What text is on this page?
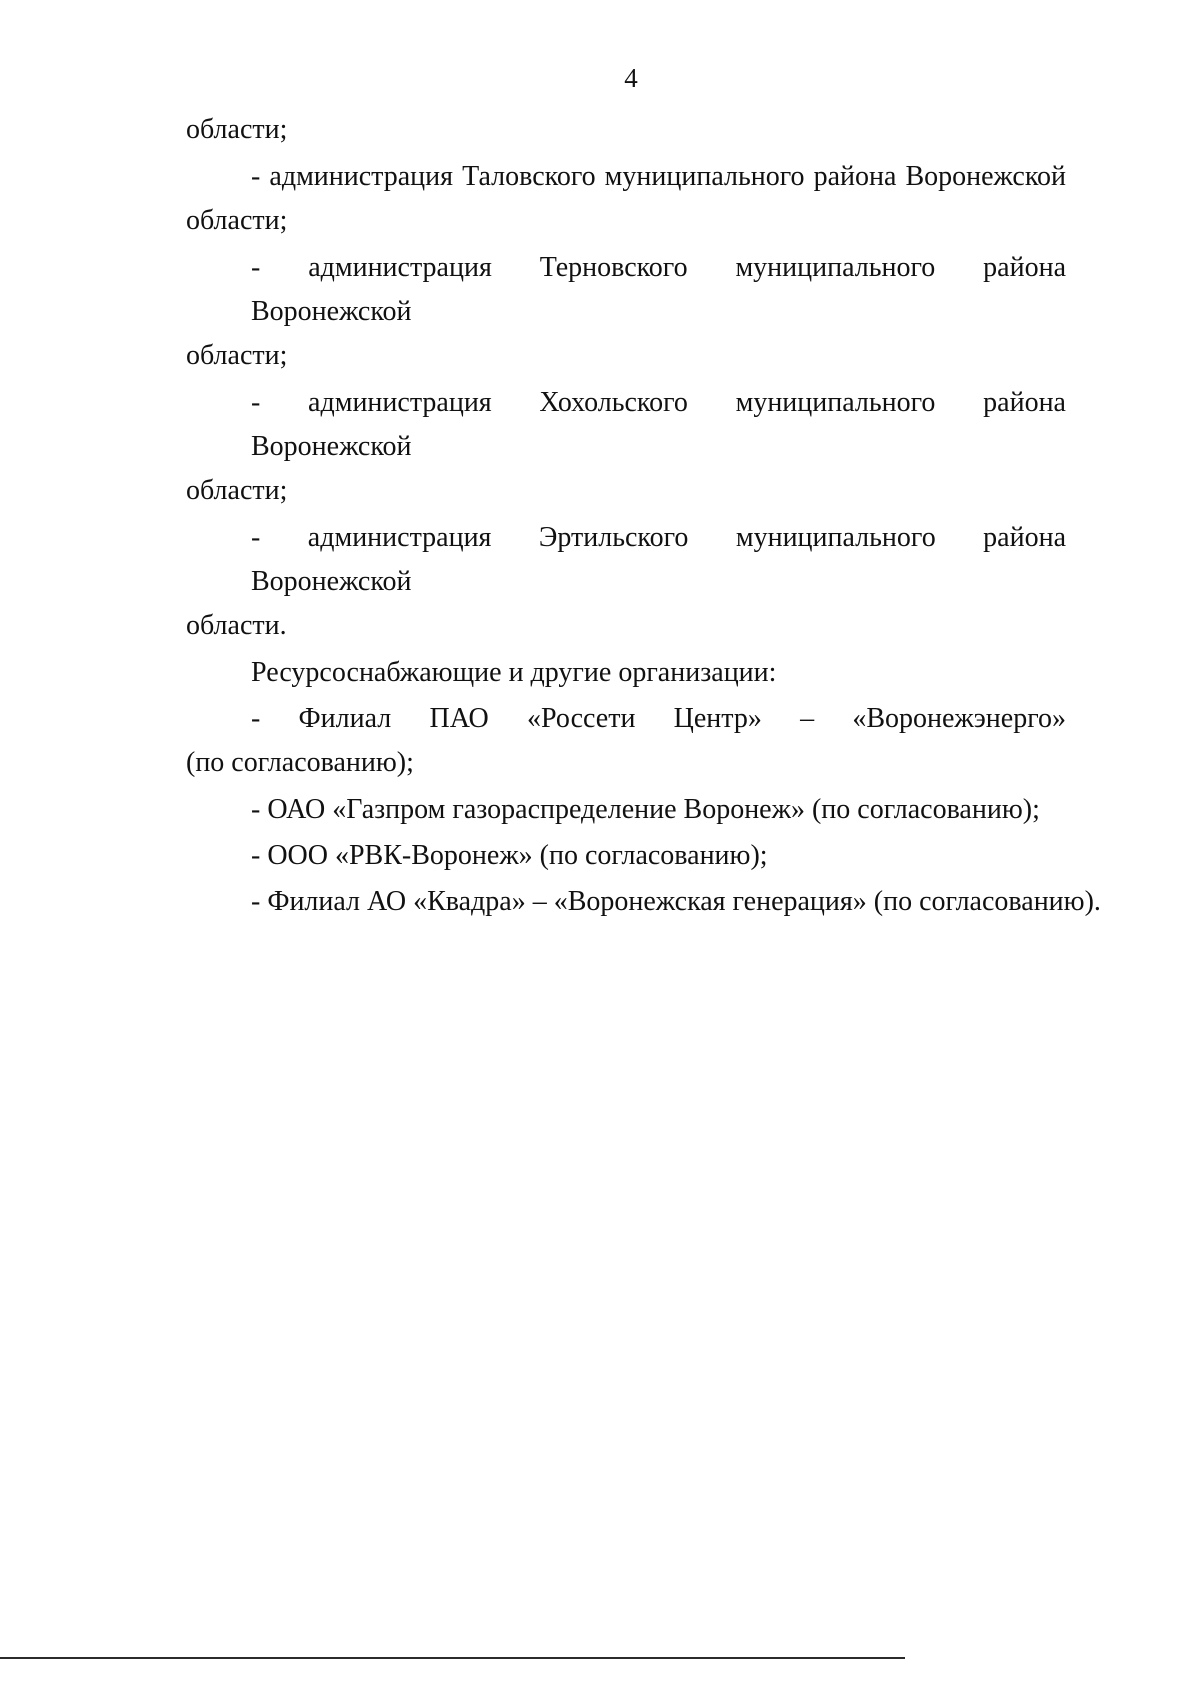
4
области;
- администрация Таловского муниципального района Воронежской
области;
- администрация Терновского муниципального района Воронежской
области;
- администрация Хохольского муниципального района Воронежской
области;
- администрация Эртильского муниципального района Воронежской
области.
Ресурсоснабжающие и другие организации:
- Филиал ПАО «Россети Центр» – «Воронежэнерго»
(по согласованию);
- ОАО «Газпром газораспределение Воронеж» (по согласованию);
- ООО «РВК-Воронеж» (по согласованию);
- Филиал АО «Квадра» – «Воронежская генерация» (по согласованию).
